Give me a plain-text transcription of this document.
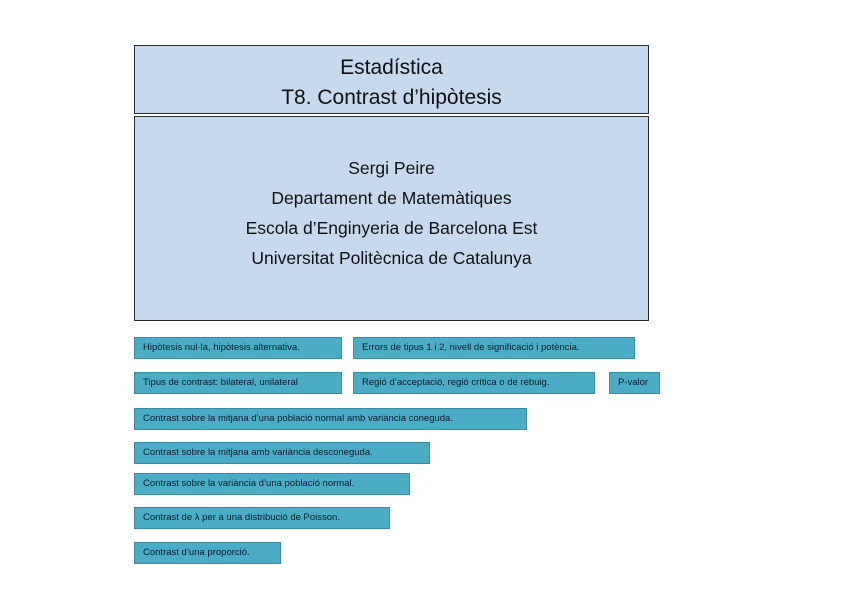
Estadística
T8. Contrast d’hipòtesis
Sergi Peire
Departament de Matemàtiques
Escola d’Enginyeria de Barcelona Est
Universitat Politècnica de Catalunya
Hipòtesis nul·la, hipòtesis alternativa.	Errors de tipus 1 i 2, nivell de significació i potència.
Tipus de contrast: bilateral, unilateral	Regió d’acceptació, regió crítica o de rebuig.	P-valor
Contrast sobre la mitjana d’una població normal amb variància coneguda.
Contrast sobre la mitjana amb variància desconeguda.
Contrast sobre la variància d’una població normal.
Contrast de λ per a una distribució de Poisson.
Contrast d’una proporció.
